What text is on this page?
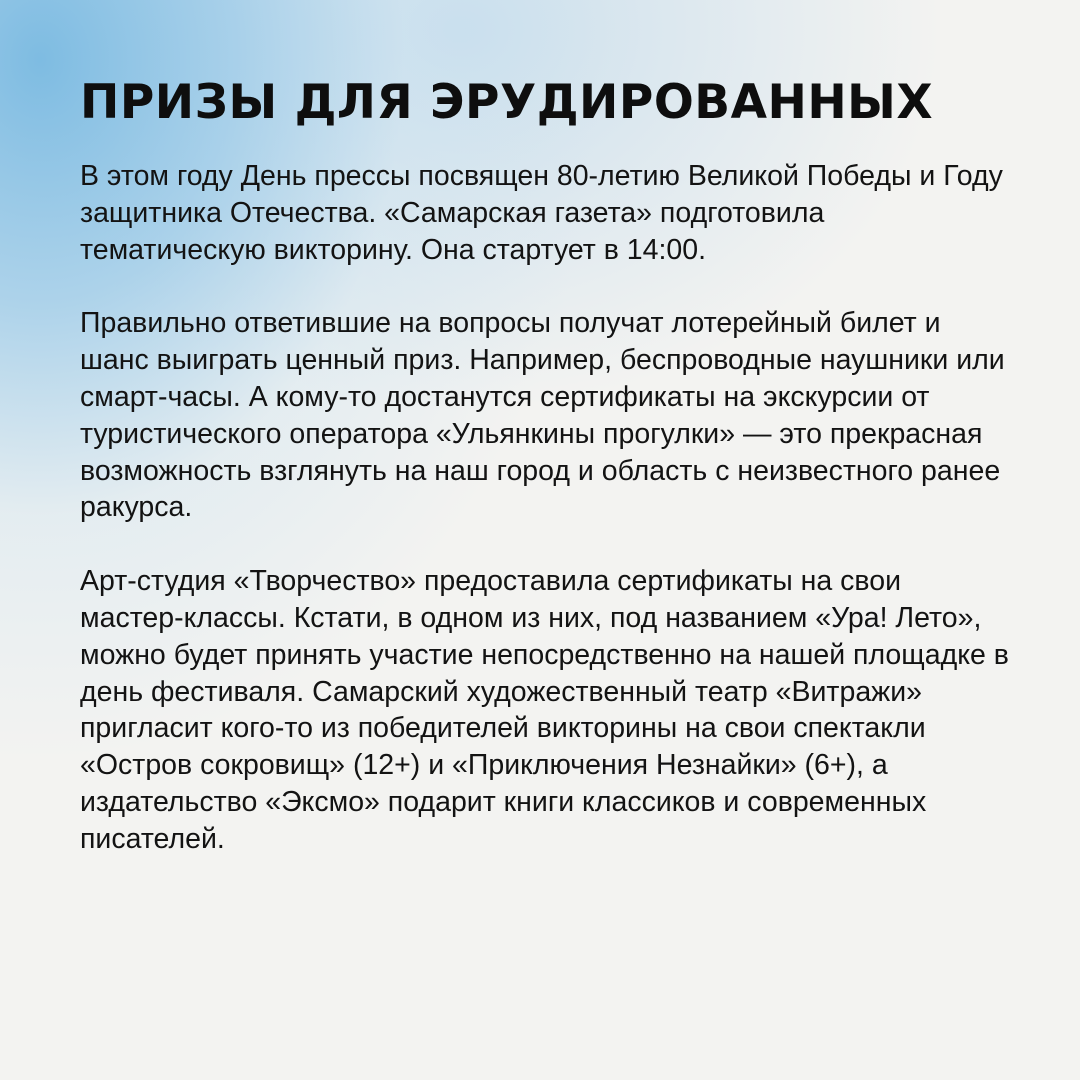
ПРИЗЫ ДЛЯ ЭРУДИРОВАННЫХ

В этом году День прессы посвящен 80-летию Великой Победы и Году защитника Отечества. «Самарская газета» подготовила тематическую викторину. Она стартует в 14:00.

Правильно ответившие на вопросы получат лотерейный билет и шанс выиграть ценный приз. Например, беспроводные наушники или смарт-часы. А кому-то достанутся сертификаты на экскурсии от туристического оператора «Ульянкины прогулки» — это прекрасная возможность взглянуть на наш город и область с неизвестного ранее ракурса.

Арт-студия «Творчество» предоставила сертификаты на свои мастер-классы. Кстати, в одном из них, под названием «Ура! Лето», можно будет принять участие непосредственно на нашей площадке в день фестиваля. Самарский художественный театр «Витражи» пригласит кого-то из победителей викторины на свои спектакли «Остров сокровищ» (12+) и «Приключения Незнайки» (6+), а издательство «Эксмо» подарит книги классиков и современных писателей.
